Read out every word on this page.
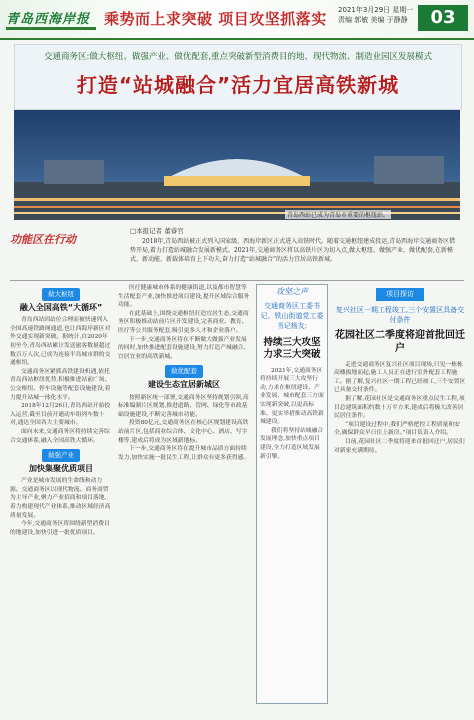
青岛西海岸报 乘势而上求突破 项目攻坚抓落实 2021年3月29日 星期一
责编 郭敏 美编 于静静	03
交通商务区:做大枢纽、做强产业、做优配套,重点突破新型消费目的地、现代物流、制造业园区发展模式
打造“站城融合”活力宜居高铁新城
青岛西站已成为青岛市重要的枢纽站。
功能区在行动
□本报记者 董睿官
2018年,青岛西站被正式列入国家级、西海岸新区正式进入高铁时代。随着交通枢纽建成投运,青岛西海岸交通商务区借势开局,着力打造站城融合发展新模式。2021年,交通商务区将以高铁片区为切入点,做大枢纽、做强产业、做优配套,在新模式、新动能、新载体培育上下功夫,奋力打造“站城融合”的活力宜居高铁新城。
做大枢纽
融入全国高铁“大循环”

青岛西站因站位合理而被快速列入全国高速铁路网通道,也让西海岸新区对外交通实现新突破。据统计,自2020年初至今,青岛西站累计发送旅客数量超过数百万人次,已成为连接半岛城市群的交通枢纽。

交通商务区紧抓高铁建设机遇,依托青岛西站枢纽优势,积极推进站前广场、公交枢纽、停车设施等配套设施建设,着力提升站城一体化水平。

2018年12月26日,青岛西站开始投入运营,截至目前开通动车组列车数十对,通达全国各大主要城市。

面向未来,交通商务区将持续完善综合交通体系,融入全国高铁大循环。

做强产业
加快集聚优质项目

产业是城市发展的生命线和动力源。交通商务区以现代物流、商务商贸为主导产业,聚力产业招商和项目落地,着力构建现代产业体系,推动区域经济高质量发展。

今年,交通商务区将围绕新型消费目的地建设,加快引进一批优质项目。

医疗健康城市体系的健康街道,以及都市智慧等生活配套产业,加快推进项目建设,提升区域综合服务功能。

在此基础上,围绕交通枢纽打造宜居生态,交通商务区积极推动站前片区开发建设,完善商业、教育、医疗等公共服务配套,吸引更多人才和企业落户。

下一步,交通商务区将在不断做大做强产业发展的同时,加快推进配套设施建设,努力打造产城融合、宜居宜业的高铁新城。

做优配套
建设生态宜居新城区

按照新区统一部署,交通商务区坚持规划引领,高标准编制片区规划,推进道路、管网、绿化等市政基础设施建设,不断完善城市功能。

投资80亿元,交通商务区在核心区规划建设高铁站前片区,包括商业综合体、文化中心、酒店、写字楼等,建成后将成为区域新地标。

下一步,交通商务区将在提升城市品质方面持续发力,加快实施一批民生工程,让群众有更多获得感。

攻坚之声
交通商务区工委书记、铁山街道党工委书记杨友:
持续三大攻坚 力求三大突破

2021年,交通商务区将持续开展三大攻坚行动,力求在枢纽建设、产业发展、城市配套三方面实现新突破,以更高标准、更实举措推动高铁新城建设。

我们将坚持站城融合发展理念,加快重点项目建设,全力打造区域发展新引擎。

项目探访
复兴社区一期工程竣工,三个安置区具备交付条件
花园社区二季度将迎首批回迁户

走进交通商务区复兴社区项目现场,只见一栋栋高楼拔地而起,施工人员正在进行室外配套工程施工。据了解,复兴社区一期工程已经竣工,三个安置区已具备交付条件。

据了解,花园社区是交通商务区重点民生工程,项目总建筑面积约数十万平方米,建成后将极大改善居民居住条件。

“项目建设过程中,我们严格把控工程质量和安全,确保群众早日住上新房。”项目负责人介绍。

目前,花园社区二季度将迎来首批回迁户,居民们对新家充满期待。
